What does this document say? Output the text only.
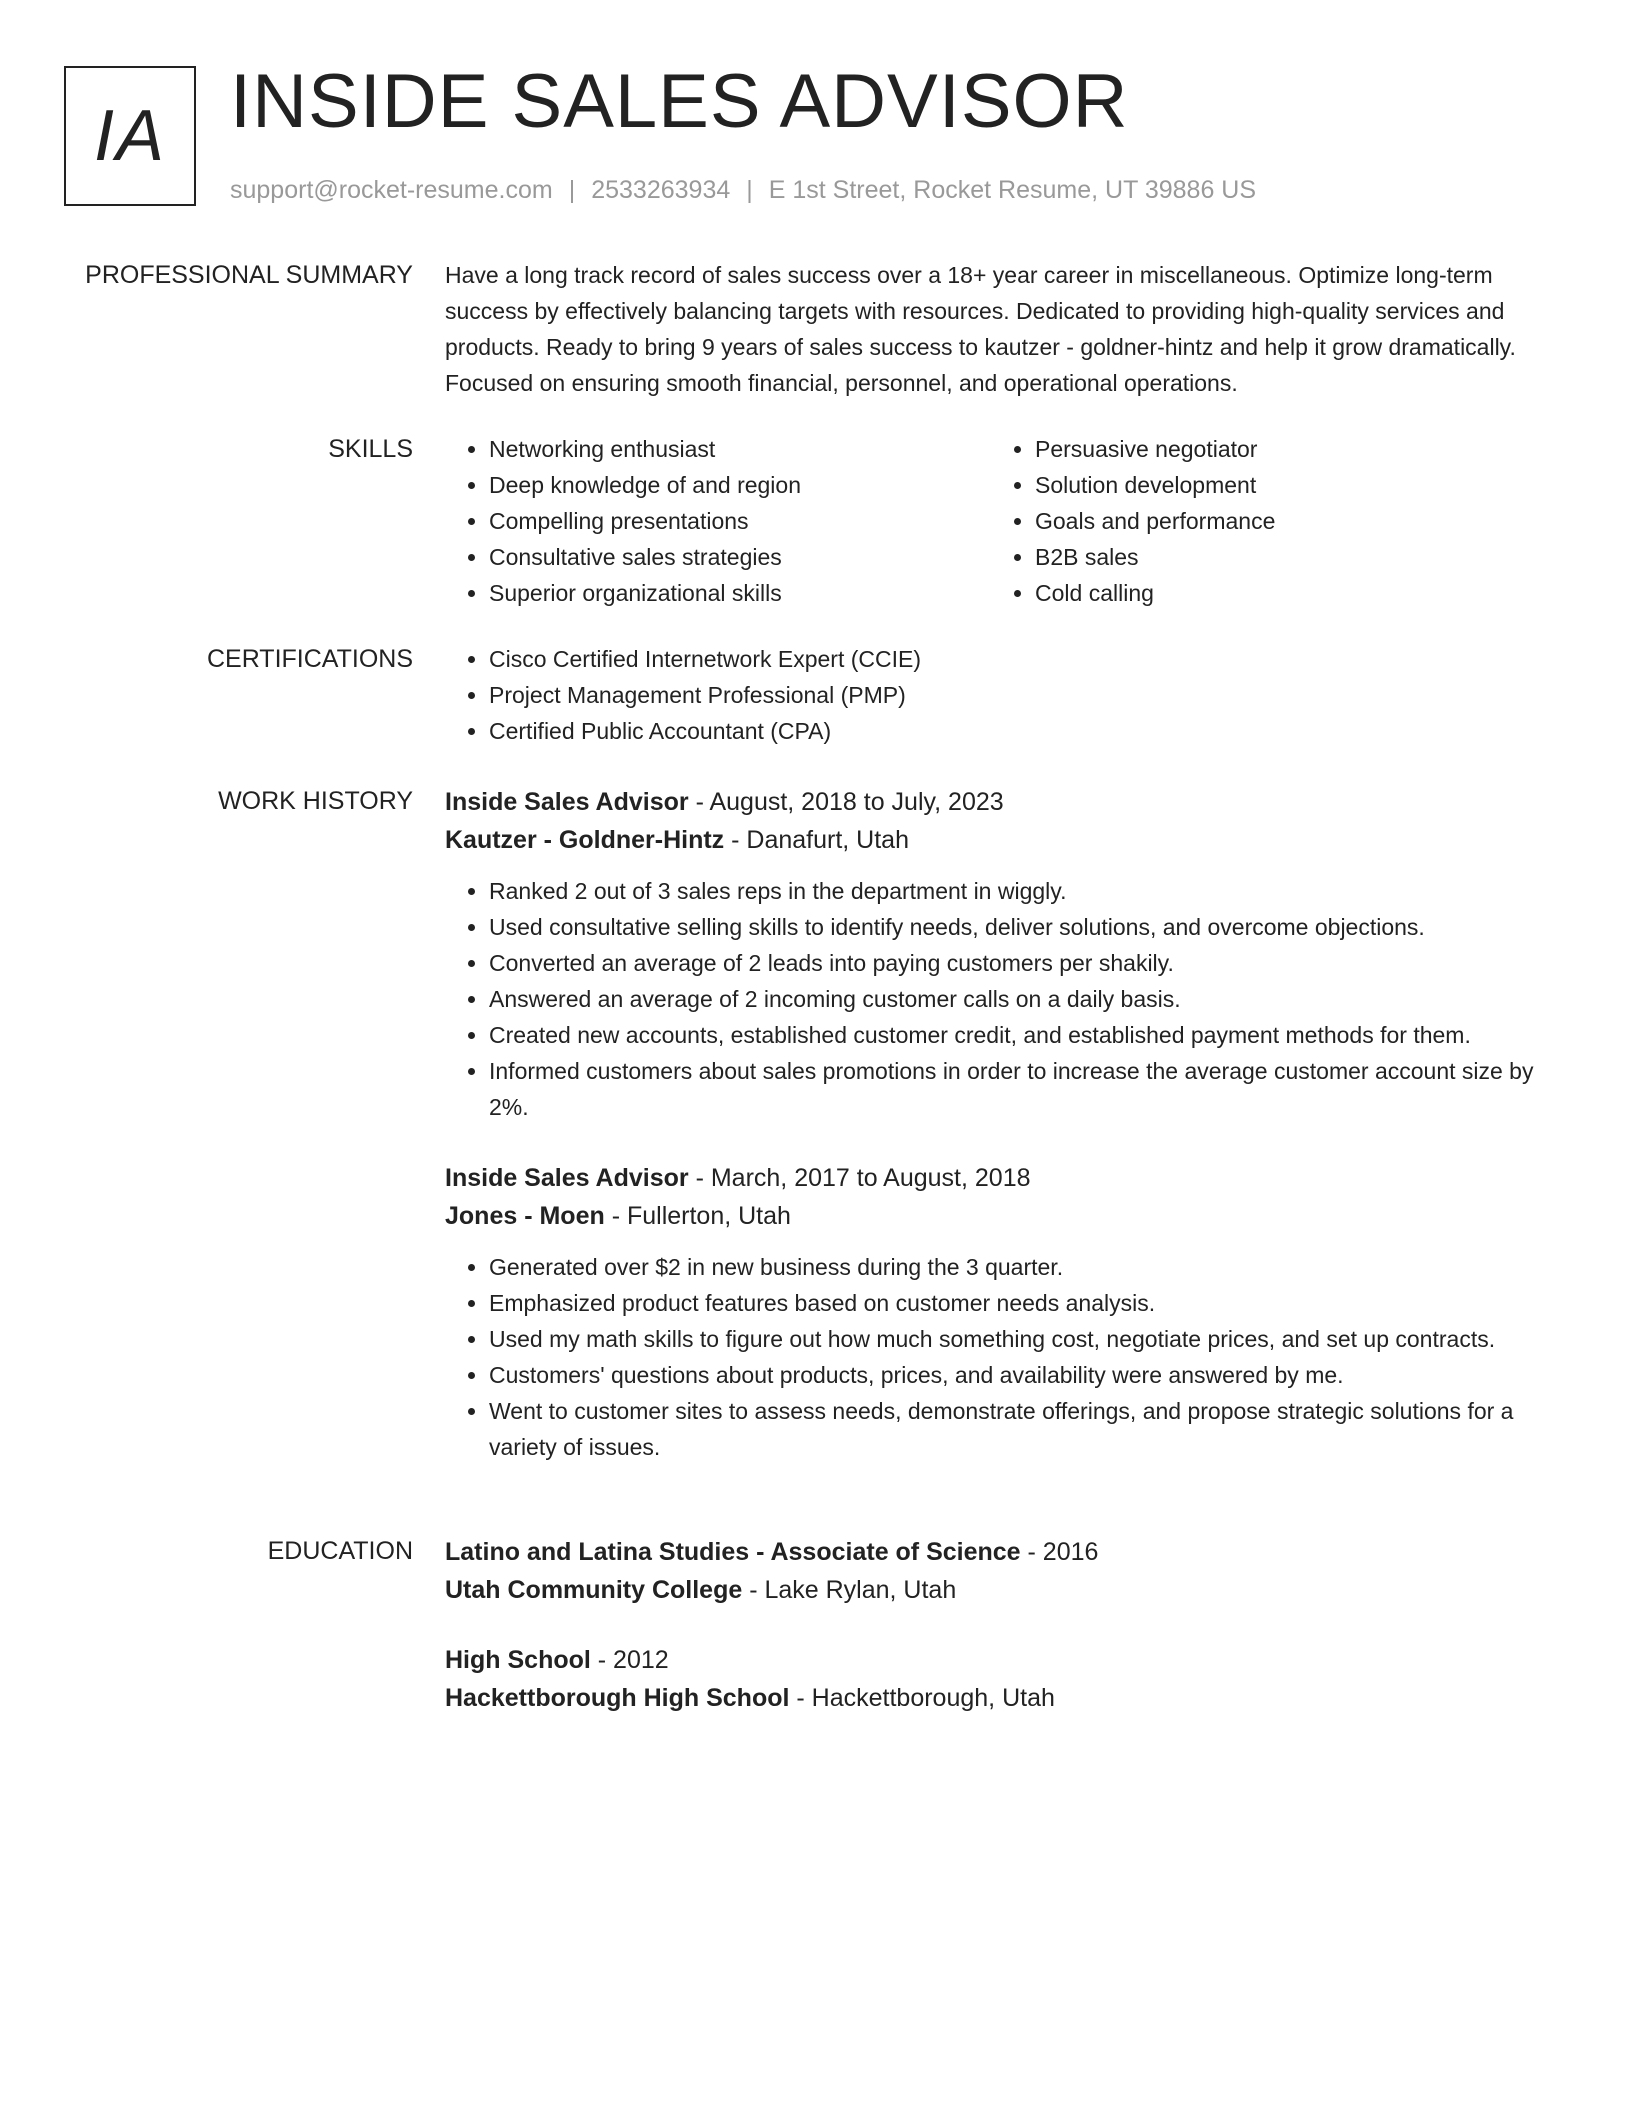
IA INSIDE SALES ADVISOR
support@rocket-resume.com | 2533263934 | E 1st Street, Rocket Resume, UT 39886 US
PROFESSIONAL SUMMARY Have a long track record of sales success over a 18+ year career in miscellaneous. Optimize long-term success by effectively balancing targets with resources. Dedicated to providing high-quality services and products. Ready to bring 9 years of sales success to kautzer - goldner-hintz and help it grow dramatically. Focused on ensuring smooth financial, personnel, and operational operations.

SKILLS	• Networking enthusiast
• Deep knowledge of and region
• Compelling presentations
• Consultative sales strategies
• Superior organizational skills
• Persuasive negotiator
• Solution development
• Goals and performance
• B2B sales
• Cold calling
CERTIFICATIONS	• Cisco Certified Internetwork Expert (CCIE)
• Project Management Professional (PMP)
• Certified Public Accountant (CPA)
WORK HISTORY Inside Sales Advisor - August, 2018 to July, 2023
Kautzer - Goldner-Hintz - Danafurt, Utah
• Ranked 2 out of 3 sales reps in the department in wiggly.
• Used consultative selling skills to identify needs, deliver solutions, and overcome objections.
• Converted an average of 2 leads into paying customers per shakily.
• Answered an average of 2 incoming customer calls on a daily basis.
• Created new accounts, established customer credit, and established payment methods for them.
• Informed customers about sales promotions in order to increase the average customer account size by 2%.
Inside Sales Advisor - March, 2017 to August, 2018
Jones - Moen - Fullerton, Utah
• Generated over $2 in new business during the 3 quarter.
• Emphasized product features based on customer needs analysis.
• Used my math skills to figure out how much something cost, negotiate prices, and set up contracts.
• Customers' questions about products, prices, and availability were answered by me.
• Went to customer sites to assess needs, demonstrate offerings, and propose strategic solutions for a variety of issues.
EDUCATION Latino and Latina Studies - Associate of Science - 2016
Utah Community College - Lake Rylan, Utah
High School - 2012
Hackettborough High School - Hackettborough, Utah
